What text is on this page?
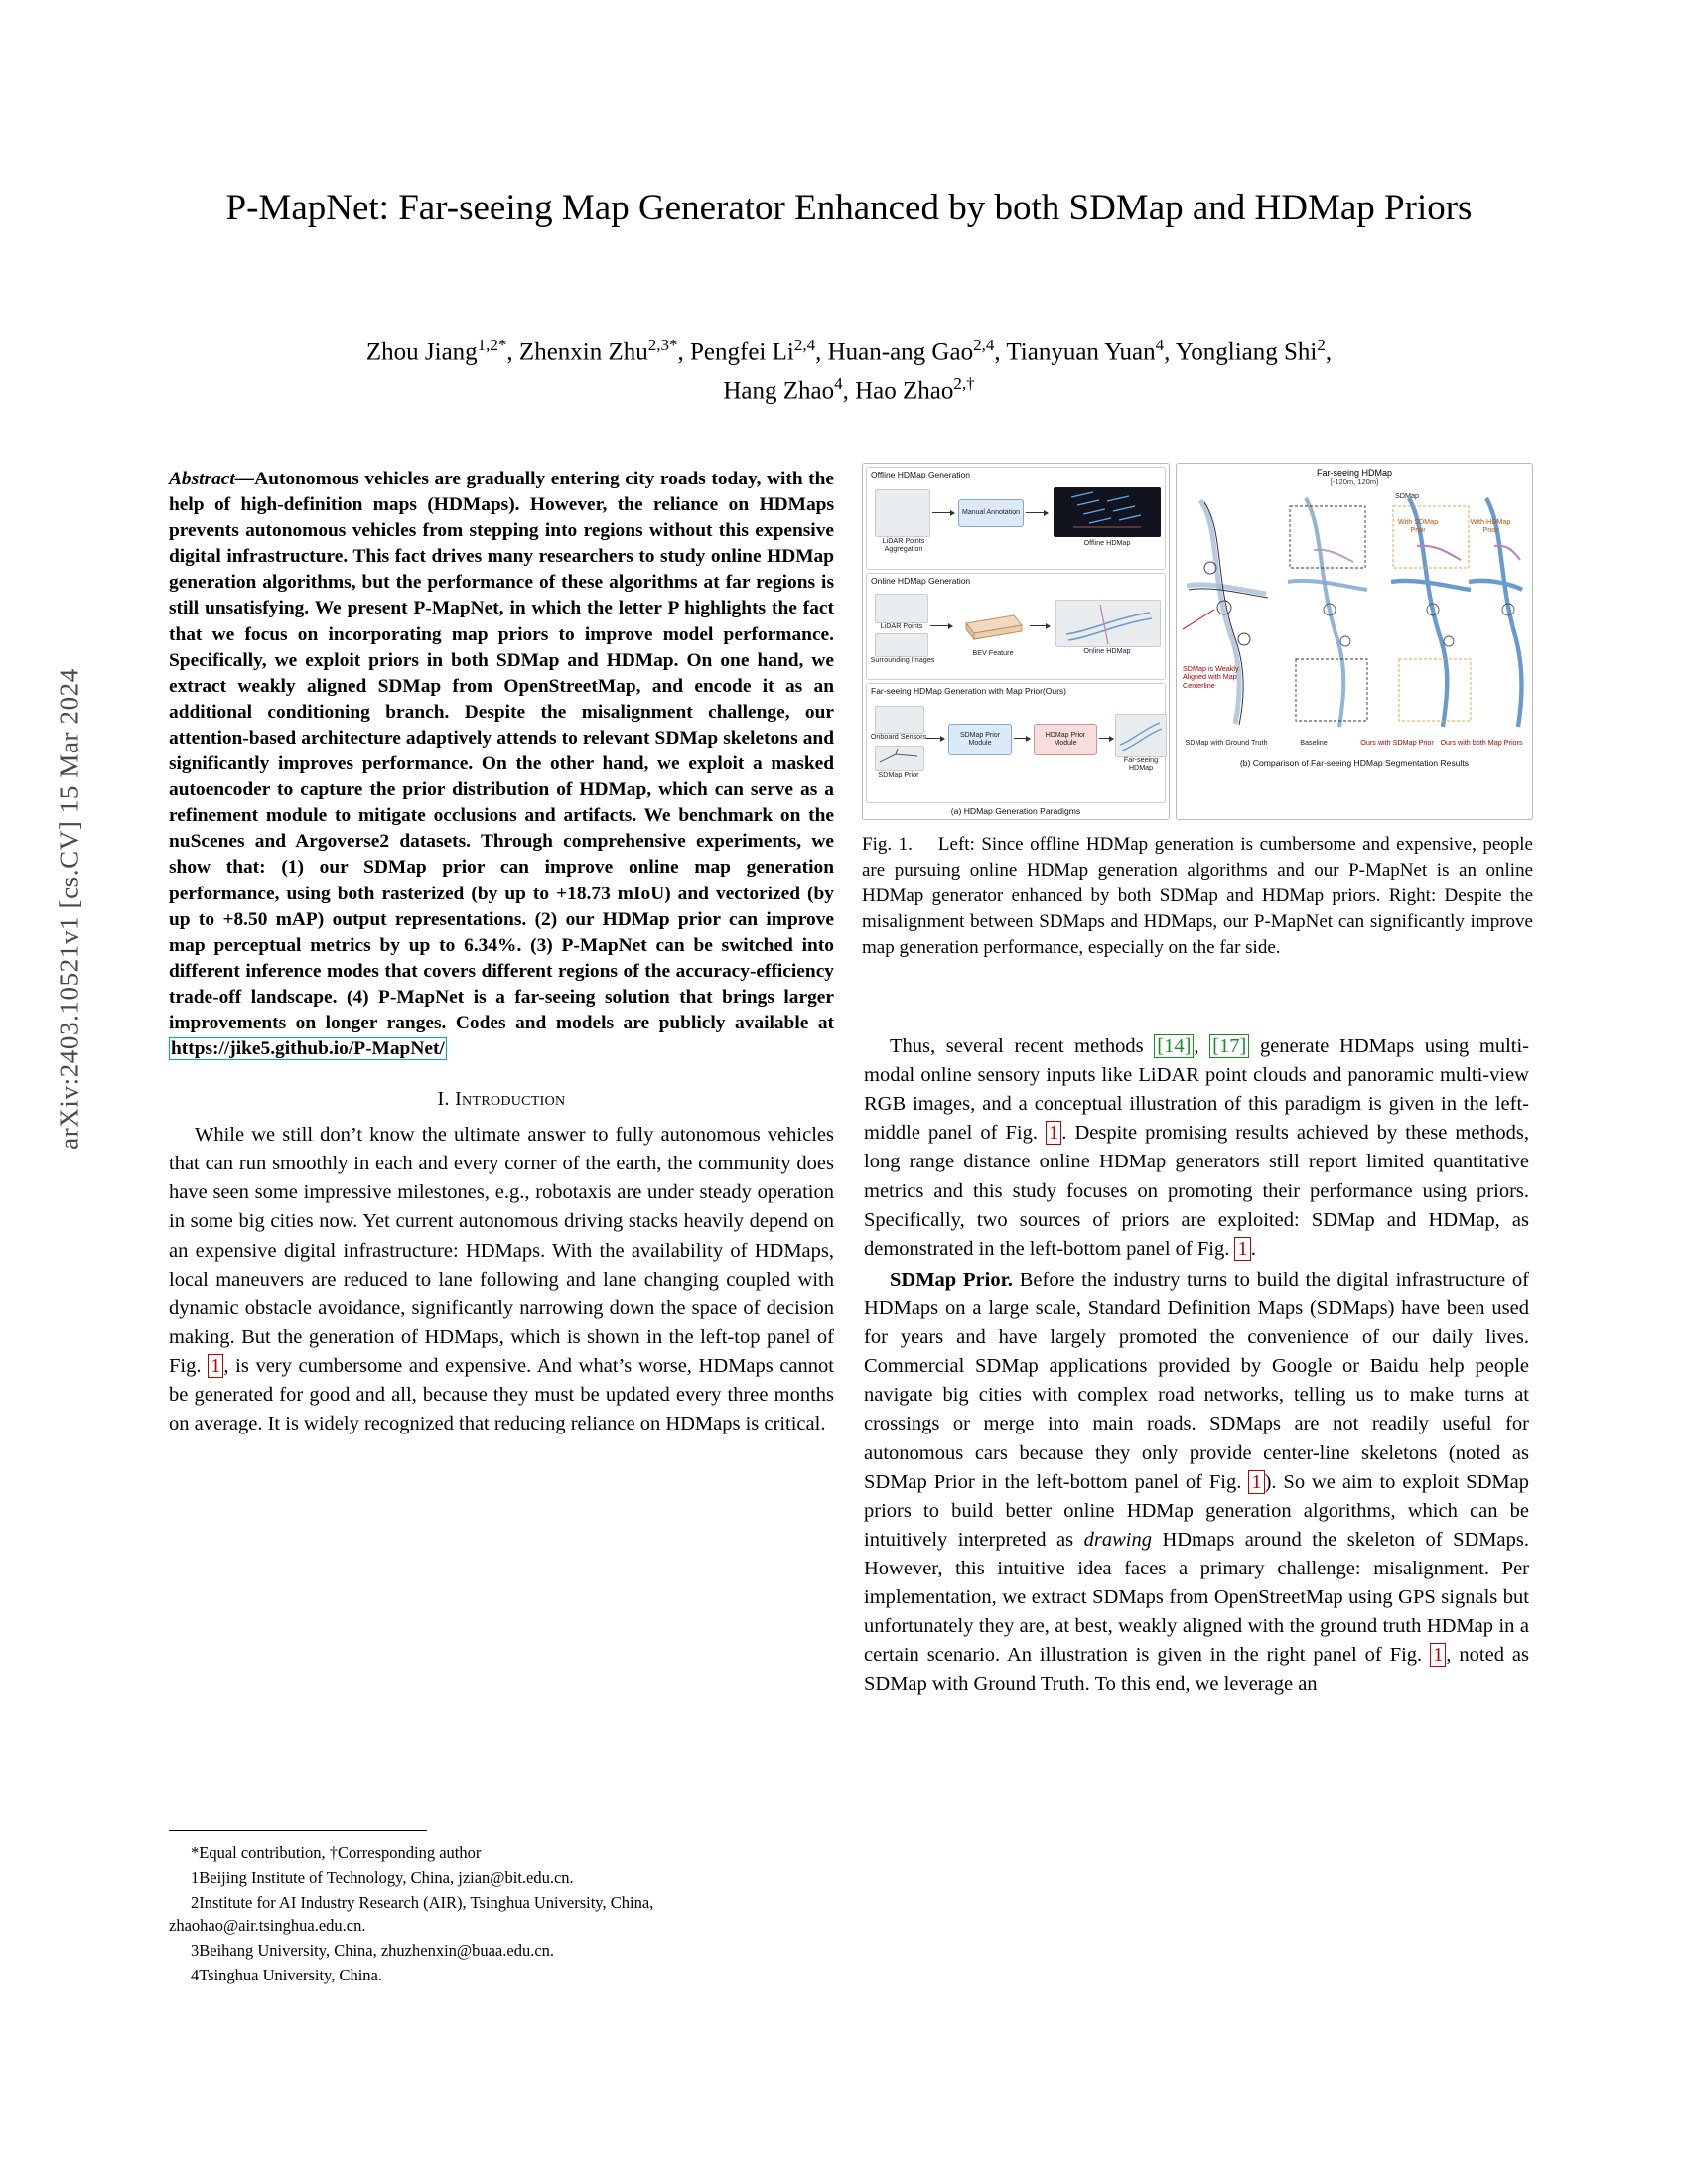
arXiv:2403.10521v1 [cs.CV] 15 Mar 2024
P-MapNet: Far-seeing Map Generator Enhanced by both SDMap and HDMap Priors
Zhou Jiang$^{1,2*}$, Zhenxin Zhu$^{2,3*}$, Pengfei Li$^{2,4}$, Huan-ang Gao$^{2,4}$, Tianyuan Yuan$^4$, Yongliang Shi$^2$,
Hang Zhao$^4$, Hao Zhao$^{2,\dagger}$
Abstract—Autonomous vehicles are gradually entering city roads today, with the help of high-definition maps (HDMaps). However, the reliance on HDMaps prevents autonomous vehicles from stepping into regions without this expensive digital infrastructure. This fact drives many researchers to study online HDMap generation algorithms, but the performance of these algorithms at far regions is still unsatisfying. We present P-MapNet, in which the letter P highlights the fact that we focus on incorporating map priors to improve model performance. Specifically, we exploit priors in both SDMap and HDMap. On one hand, we extract weakly aligned SDMap from OpenStreetMap, and encode it as an additional conditioning branch. Despite the misalignment challenge, our attention-based architecture adaptively attends to relevant SDMap skeletons and significantly improves performance. On the other hand, we exploit a masked autoencoder to capture the prior distribution of HDMap, which can serve as a refinement module to mitigate occlusions and artifacts. We benchmark on the nuScenes and Argoverse2 datasets. Through comprehensive experiments, we show that: (1) our SDMap prior can improve online map generation performance, using both rasterized (by up to +18.73 mIoU) and vectorized (by up to +8.50 mAP) output representations. (2) our HDMap prior can improve map perceptual metrics by up to 6.34%. (3) P-MapNet can be switched into different inference modes that covers different regions of the accuracy-efficiency trade-off landscape. (4) P-MapNet is a far-seeing solution that brings larger improvements on longer ranges. Codes and models are publicly available at https://jike5.github.io/P-MapNet/
I. Introduction

While we still don’t know the ultimate answer to fully autonomous vehicles that can run smoothly in each and every corner of the earth, the community does have seen some impressive milestones, e.g., robotaxis are under steady operation in some big cities now. Yet current autonomous driving stacks heavily depend on an expensive digital infrastructure: HDMaps. With the availability of HDMaps, local maneuvers are reduced to lane following and lane changing coupled with dynamic obstacle avoidance, significantly narrowing down the space of decision making. But the generation of HDMaps, which is shown in the left-top panel of Fig. 1 , is very cumbersome and expensive. And what’s worse, HDMaps cannot be generated for good and all, because they must be updated every three months on average. It is widely recognized that reducing reliance on HDMaps is critical.

*Equal contribution, †Corresponding author
1Beijing Institute of Technology, China, jzian@bit.edu.cn.
2Institute for AI Industry Research (AIR), Tsinghua University, China, zhaohao@air.tsinghua.edu.cn.
3Beihang University, China, zhuzhenxin@buaa.edu.cn.
4Tsinghua University, China.
Offline HDMap Generation
LiDAR Points Aggregation
Manual Annotation
Offline HDMap
Online HDMap Generation
LiDAR Points
Surrounding Images
BEV Feature	Online HDMap
Far-seeing HDMap Generation with Map Prior(Ours)
Onboard Sensors
SDMap Prior
SDMap Prior Module
HDMap Prior Module
Far-seeing HDMap
(a) HDMap Generation Paradigms
Far-seeing HDMap
[-120m, 120m]
With SDMap Prior
With HDMap Prior
SDMap
SDMap is Weakly Aligned with Map Centerline
SDMap with Ground Truth	Baseline	Ours with SDMap Prior Ours with both Map Priors
(b) Comparison of Far-seeing HDMap Segmentation Results
Fig. 1. Left: Since offline HDMap generation is cumbersome and expensive, people are pursuing online HDMap generation algorithms and our P-MapNet is an online HDMap generator enhanced by both SDMap and HDMap priors. Right: Despite the misalignment between SDMaps and HDMaps, our P-MapNet can significantly improve map generation performance, especially on the far side.

Thus, several recent methods [14] , [17] generate HDMaps using multi-modal online sensory inputs like LiDAR point clouds and panoramic multi-view RGB images, and a conceptual illustration of this paradigm is given in the left-middle panel of Fig. 1 . Despite promising results achieved by these methods, long range distance online HDMap generators still report limited quantitative metrics and this study focuses on promoting their performance using priors. Specifically, two sources of priors are exploited: SDMap and HDMap, as demonstrated in the left-bottom panel of Fig. 1 .

SDMap Prior. Before the industry turns to build the digital infrastructure of HDMaps on a large scale, Standard Definition Maps (SDMaps) have been used for years and have largely promoted the convenience of our daily lives. Commercial SDMap applications provided by Google or Baidu help people navigate big cities with complex road networks, telling us to make turns at crossings or merge into main roads. SDMaps are not readily useful for autonomous cars because they only provide center-line skeletons (noted as SDMap Prior in the left-bottom panel of Fig. 1 ). So we aim to exploit SDMap priors to build better online HDMap generation algorithms, which can be intuitively interpreted as drawing HDmaps around the skeleton of SDMaps. However, this intuitive idea faces a primary challenge: misalignment. Per implementation, we extract SDMaps from OpenStreetMap using GPS signals but unfortunately they are, at best, weakly aligned with the ground truth HDMap in a certain scenario. An illustration is given in the right panel of Fig. 1 , noted as SDMap with Ground Truth. To this end, we leverage an
